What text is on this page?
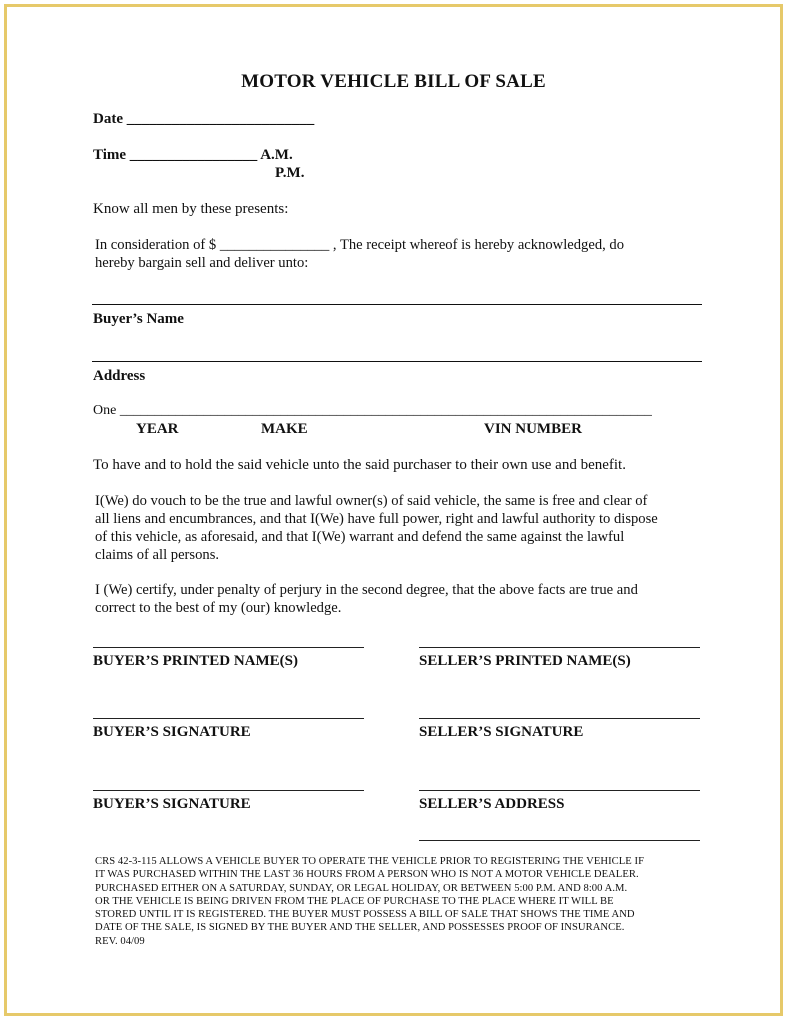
MOTOR VEHICLE BILL OF SALE
Date _________________________
Time _________________ A.M.
P.M.
Know all men by these presents:
In consideration of $ _______________ , The receipt whereof is hereby acknowledged, do
hereby bargain sell and deliver unto:
Buyer’s Name
Address
One ____________________________________________________________________________
YEAR	MAKE	VIN NUMBER
To have and to hold the said vehicle unto the said purchaser to their own use and benefit.
I(We) do vouch to be the true and lawful owner(s) of said vehicle, the same is free and clear of
all liens and encumbrances, and that I(We) have full power, right and lawful authority to dispose
of this vehicle, as aforesaid, and that I(We) warrant and defend the same against the lawful
claims of all persons.
I (We) certify, under penalty of perjury in the second degree, that the above facts are true and
correct to the best of my (our) knowledge.
BUYER’S PRINTED NAME(S)	SELLER’S PRINTED NAME(S)
BUYER’S SIGNATURE	SELLER’S SIGNATURE
BUYER’S SIGNATURE	SELLER’S ADDRESS
CRS 42-3-115 ALLOWS A VEHICLE BUYER TO OPERATE THE VEHICLE PRIOR TO REGISTERING THE VEHICLE IF
IT WAS PURCHASED WITHIN THE LAST 36 HOURS FROM A PERSON WHO IS NOT A MOTOR VEHICLE DEALER.
PURCHASED EITHER ON A SATURDAY, SUNDAY, OR LEGAL HOLIDAY, OR BETWEEN 5:00 P.M. AND 8:00 A.M.
OR THE VEHICLE IS BEING DRIVEN FROM THE PLACE OF PURCHASE TO THE PLACE WHERE IT WILL BE
STORED UNTIL IT IS REGISTERED. THE BUYER MUST POSSESS A BILL OF SALE THAT SHOWS THE TIME AND
DATE OF THE SALE, IS SIGNED BY THE BUYER AND THE SELLER, AND POSSESSES PROOF OF INSURANCE.
REV. 04/09
